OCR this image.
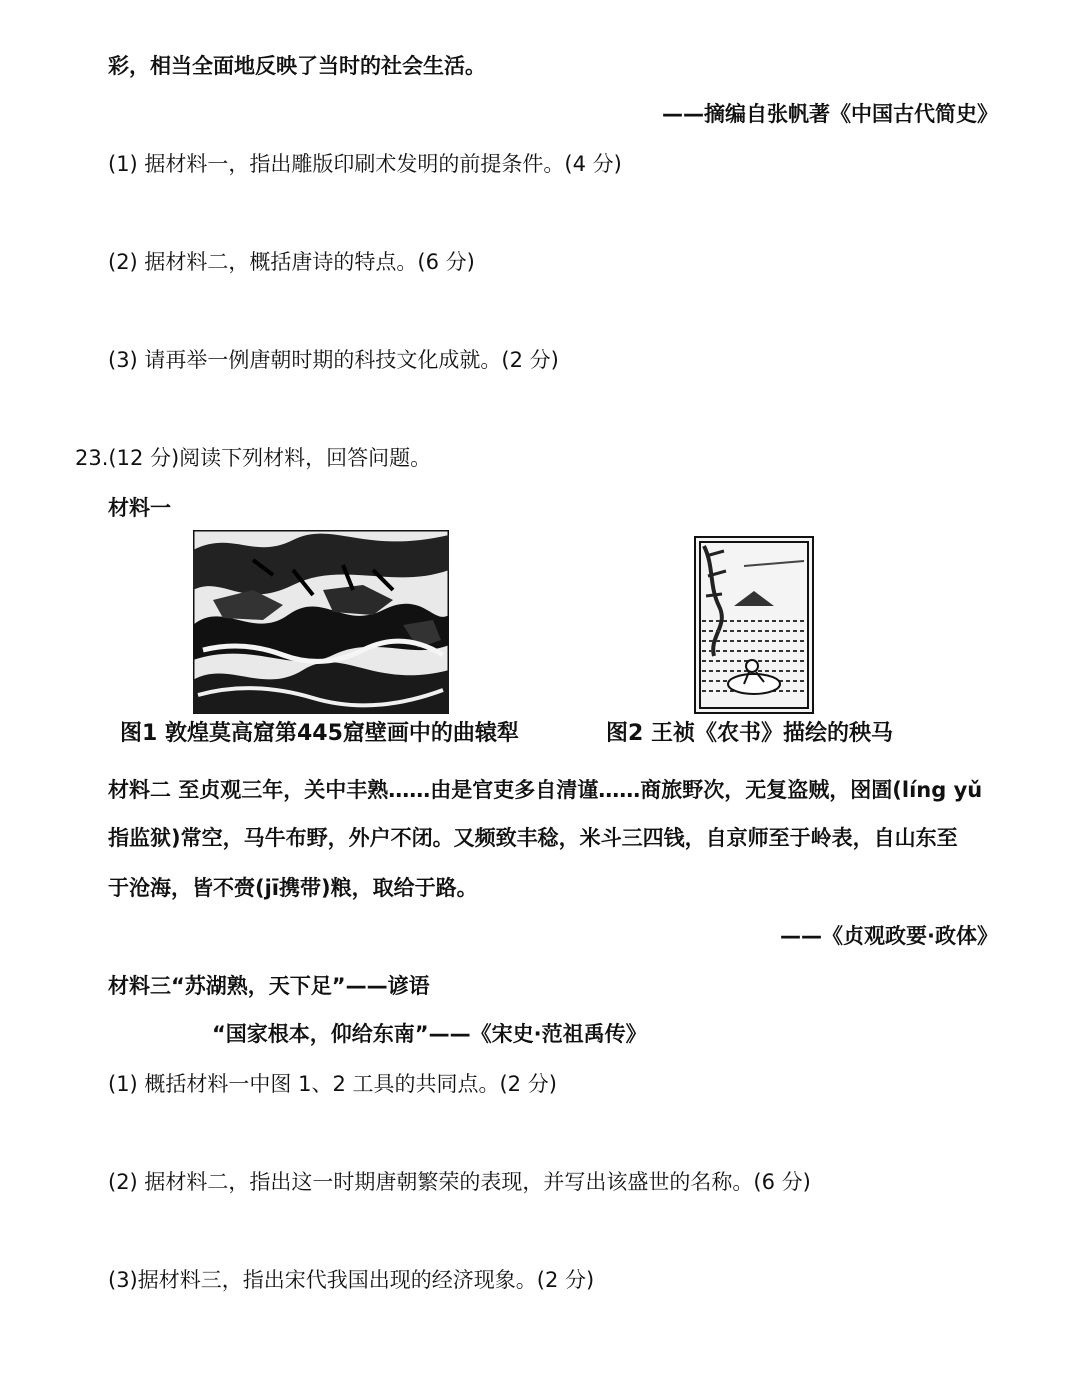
彩，相当全面地反映了当时的社会生活。
——摘编自张帆著《中国古代简史》
(1) 据材料一，指出雕版印刷术发明的前提条件。(4 分)
(2) 据材料二，概括唐诗的特点。(6 分)
(3) 请再举一例唐朝时期的科技文化成就。(2 分)
23.(12 分)阅读下列材料，回答问题。
材料一
图1 敦煌莫高窟第445窟壁画中的曲辕犁	图2 王祯《农书》描绘的秧马
材料二 至贞观三年，关中丰熟……由是官吏多自清谨……商旅野次，无复盗贼，囹圄(líng yǔ
指监狱)常空，马牛布野，外户不闭。又频致丰稔，米斗三四钱，自京师至于岭表，自山东至
于沧海，皆不赍(jī携带)粮，取给于路。
——《贞观政要·政体》
材料三“苏湖熟，天下足”——谚语
“国家根本，仰给东南”——《宋史·范祖禹传》
(1) 概括材料一中图 1、2 工具的共同点。(2 分)
(2) 据材料二，指出这一时期唐朝繁荣的表现，并写出该盛世的名称。(6 分)
(3)据材料三，指出宋代我国出现的经济现象。(2 分)
